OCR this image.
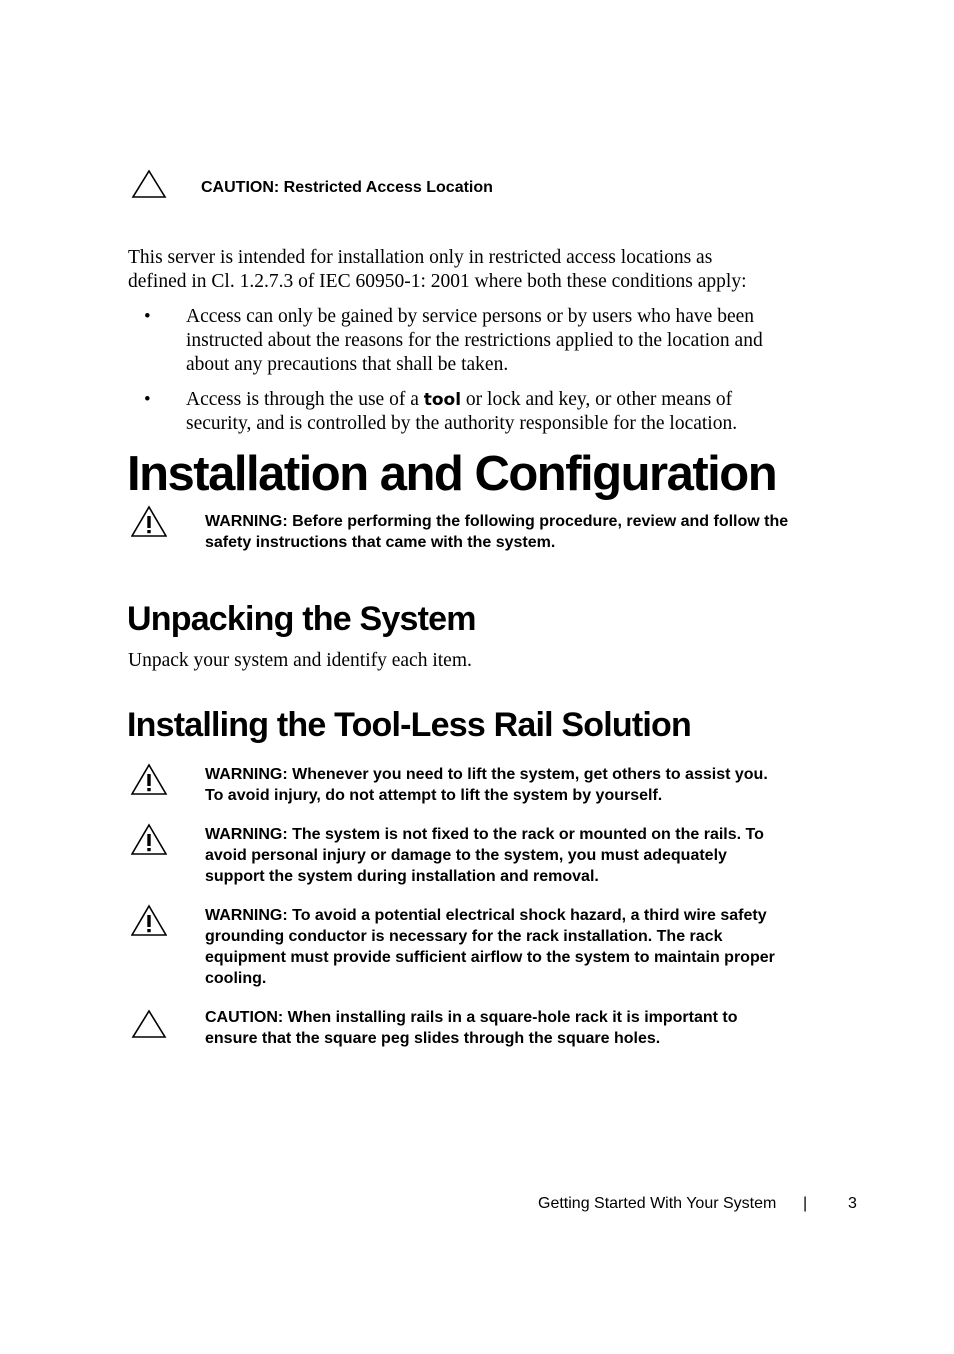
CAUTION: Restricted Access Location

This server is intended for installation only in restricted access locations as
defined in Cl. 1.2.7.3 of IEC 60950-1: 2001 where both these conditions apply:

• Access can only be gained by service persons or by users who have been
instructed about the reasons for the restrictions applied to the location and
about any precautions that shall be taken.
• Access is through the use of a tool or lock and key, or other means of
security, and is controlled by the authority responsible for the location.
Installation and Configuration
WARNING: Before performing the following procedure, review and follow the
safety instructions that came with the system.
Unpacking the System

Unpack your system and identify each item.

Installing the Tool-Less Rail Solution
WARNING: Whenever you need to lift the system, get others to assist you.
To avoid injury, do not attempt to lift the system by yourself.
WARNING: The system is not fixed to the rack or mounted on the rails. To
avoid personal injury or damage to the system, you must adequately
support the system during installation and removal.
WARNING: To avoid a potential electrical shock hazard, a third wire safety
grounding conductor is necessary for the rack installation. The rack
equipment must provide sufficient airflow to the system to maintain proper
cooling.
CAUTION: When installing rails in a square-hole rack it is important to
ensure that the square peg slides through the square holes.
Getting Started With Your System |	3
